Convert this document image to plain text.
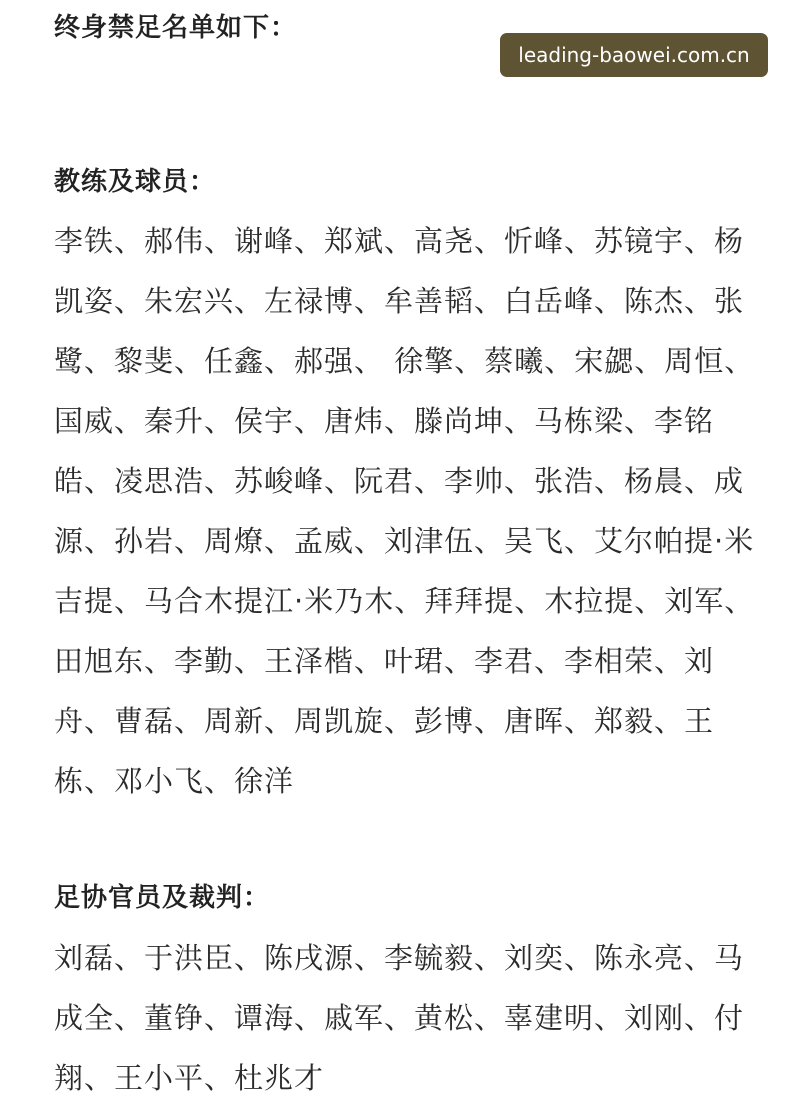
终身禁足名单如下：
leading-baowei.com.cn
教练及球员：
李铁、郝伟、谢峰、郑斌、高尧、忻峰、苏镜宇、杨凯姿、朱宏兴、左禄博、牟善韬、白岳峰、陈杰、张鹭、黎斐、任鑫、郝强、 徐擎、蔡曦、宋勰、周恒、国威、秦升、侯宇、唐炜、滕尚坤、马栋梁、李铭皓、凌思浩、苏峻峰、阮君、李帅、张浩、杨晨、成源、孙岩、周燎、孟威、刘津伍、吴飞、艾尔帕提·米吉提、马合木提江·米乃木、拜拜提、木拉提、刘军、田旭东、李勤、王泽楷、叶珺、李君、李相荣、刘舟、曹磊、周新、周凯旋、彭博、唐晖、郑毅、王栋、邓小飞、徐洋
足协官员及裁判：
刘磊、于洪臣、陈戌源、李毓毅、刘奕、陈永亮、马成全、董铮、谭海、戚军、黄松、辜建明、刘刚、付翔、王小平、杜兆才
